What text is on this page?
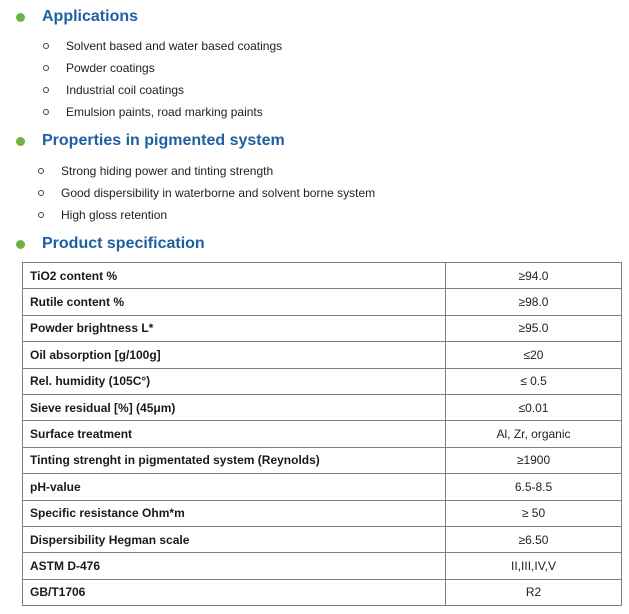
Applications
Solvent based and water based coatings
Powder coatings
Industrial coil coatings
Emulsion paints, road marking paints
Properties in pigmented system
Strong hiding power and tinting strength
Good dispersibility in waterborne and solvent borne system
High gloss retention
Product specification
TiO2 content %	≥94.0
Rutile content %	≥98.0
Powder brightness L*	≥95.0
Oil absorption [g/100g]	≤20
Rel. humidity (105C°)	≤ 0.5
Sieve residual [%] (45μm)	≤0.01
Surface treatment	Al, Zr, organic
Tinting strenght in pigmentated system (Reynolds)	≥1900
pH-value	6.5-8.5
Specific resistance Ohm*m	≥ 50
Dispersibility Hegman scale	≥6.50
ASTM D-476	II,III,IV,V
GB/T1706	R2
